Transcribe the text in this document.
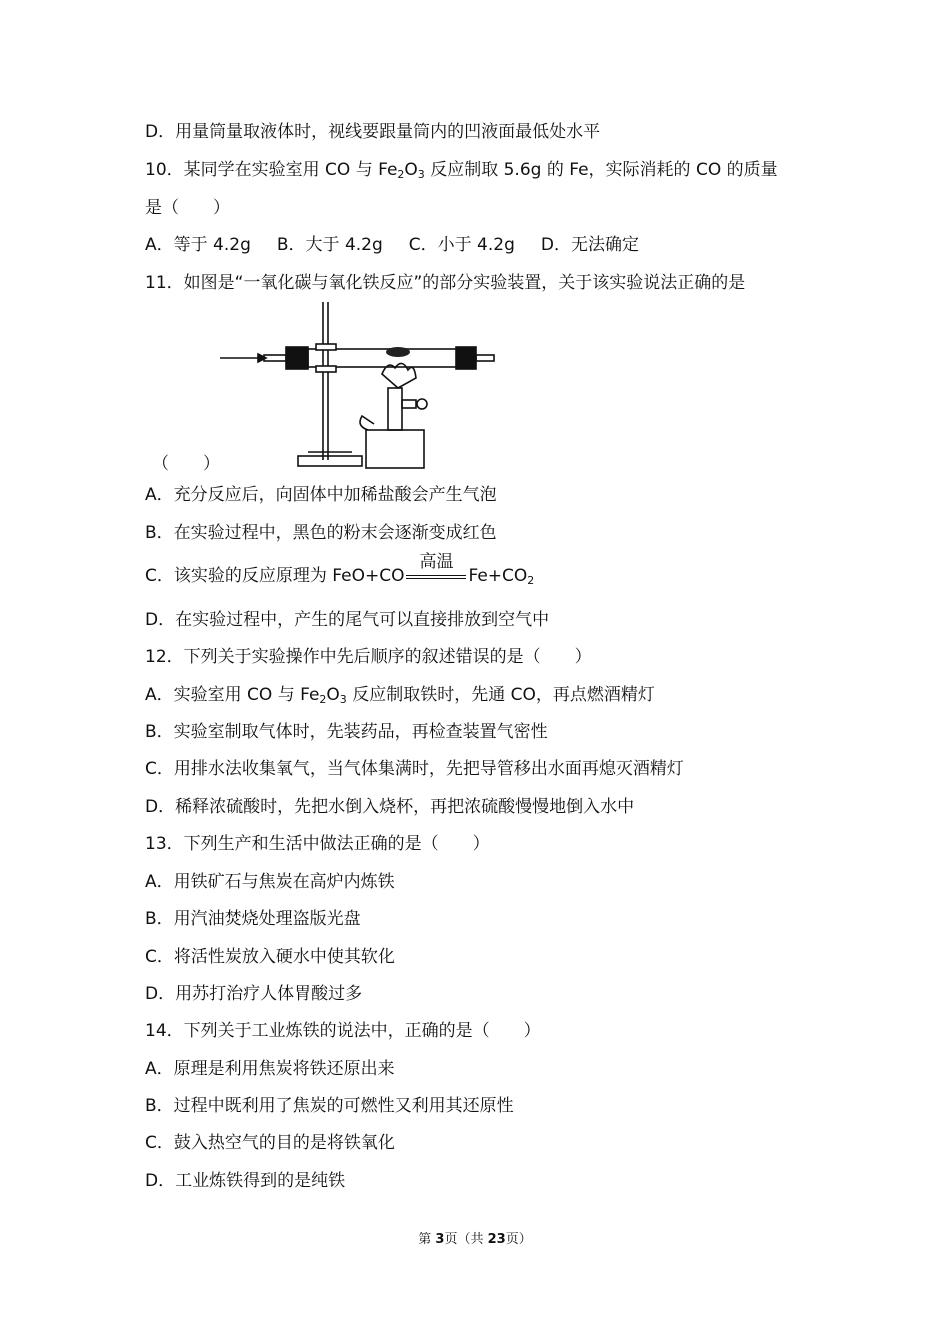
D．用量筒量取液体时，视线要跟量筒内的凹液面最低处水平
10．某同学在实验室用 CO 与 $Fe_2O_3$ 反应制取 5.6g 的 Fe，实际消耗的 CO 的质量
是（　　）
A．等于 4.2g B．大于 4.2g C．小于 4.2g D．无法确定
11．如图是“一氧化碳与氧化铁反应”的部分实验装置，关于该实验说法正确的是
（　　）
A．充分反应后，向固体中加稀盐酸会产生气泡
B．在实验过程中，黑色的粉末会逐渐变成红色
C．该实验的反应原理为 FeO+CO
高温
$Fe+CO_2$
D．在实验过程中，产生的尾气可以直接排放到空气中
12．下列关于实验操作中先后顺序的叙述错误的是（　　）
A．实验室用 CO 与 $Fe_2O_3$ 反应制取铁时，先通 CO，再点燃酒精灯
B．实验室制取气体时，先装药品，再检查装置气密性
C．用排水法收集氧气，当气体集满时，先把导管移出水面再熄灭酒精灯
D．稀释浓硫酸时，先把水倒入烧杯，再把浓硫酸慢慢地倒入水中
13．下列生产和生活中做法正确的是（　　）
A．用铁矿石与焦炭在高炉内炼铁
B．用汽油焚烧处理盗版光盘
C．将活性炭放入硬水中使其软化
D．用苏打治疗人体胃酸过多
14．下列关于工业炼铁的说法中，正确的是（　　）
A．原理是利用焦炭将铁还原出来
B．过程中既利用了焦炭的可燃性又利用其还原性
C．鼓入热空气的目的是将铁氧化
D．工业炼铁得到的是纯铁
第 3页（共 23页）
